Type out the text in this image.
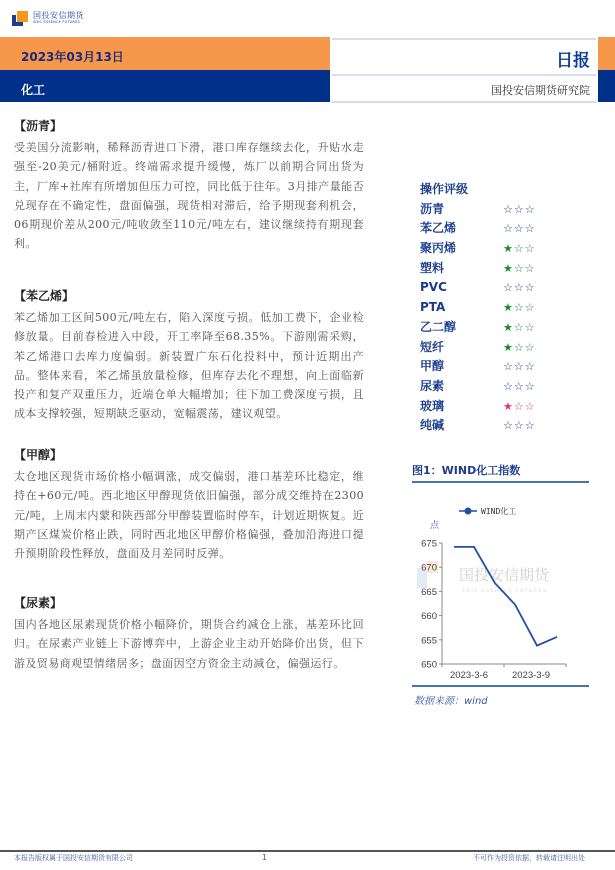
国投安信期货
SDIC ESSENCE FUTURES
2023年03月13日
化工
日报
国投安信期货研究院
【沥青】
受美国分流影响，稀释沥青进口下滑，港口库存继续去化，升贴水走强至-20美元/桶附近。终端需求提升缓慢，炼厂以前期合同出货为主，厂库+社库有所增加但压力可控，同比低于往年。3月排产量能否兑现存在不确定性，盘面偏强，现货相对滞后，给予期现套利机会，06期现价差从200元/吨收敛至110元/吨左右，建议继续持有期现套利。
【苯乙烯】
苯乙烯加工区间500元/吨左右，陷入深度亏损。低加工费下，企业检修放量。目前春检进入中段，开工率降至68.35%。下游刚需采购，苯乙烯港口去库力度偏弱。新装置广东石化投料中，预计近期出产品。整体来看，苯乙烯虽放量检修，但库存去化不理想，向上面临新投产和复产双重压力，近端仓单大幅增加；往下加工费深度亏损，且成本支撑较强，短期缺乏驱动，宽幅震荡，建议观望。
【甲醇】
太仓地区现货市场价格小幅调涨，成交偏弱，港口基差环比稳定，维持在+60元/吨。西北地区甲醇现货依旧偏强，部分成交维持在2300元/吨，上周末内蒙和陕西部分甲醇装置临时停车，计划近期恢复。近期产区煤炭价格止跌，同时西北地区甲醇价格偏强，叠加沿海进口提升预期阶段性释放，盘面及月差同时反弹。
【尿素】
国内各地区尿素现货价格小幅降价，期货合约减仓上涨，基差环比回归。在尿素产业链上下游博弈中，上游企业主动开始降价出货，但下游及贸易商观望情绪居多；盘面因空方资金主动减仓，偏强运行。
操作评级
沥青	☆☆☆
苯乙烯	☆☆☆
聚丙烯	★☆☆
塑料	★☆☆
PVC	☆☆☆
PTA	★☆☆
乙二醇	★☆☆
短纤	★☆☆
甲醇	☆☆☆
尿素	☆☆☆
玻璃	★☆☆
纯碱	☆☆☆
图1：WIND化工指数
国投安信期货
SDIC ESSENCE FUTURES
WIND化工
点
650
655
660
665
670
675
2023-3-6	2023-3-9
数据来源：wind
本报告版权属于国投安信期货有限公司	1	不可作为投资依据，转载请注明出处
